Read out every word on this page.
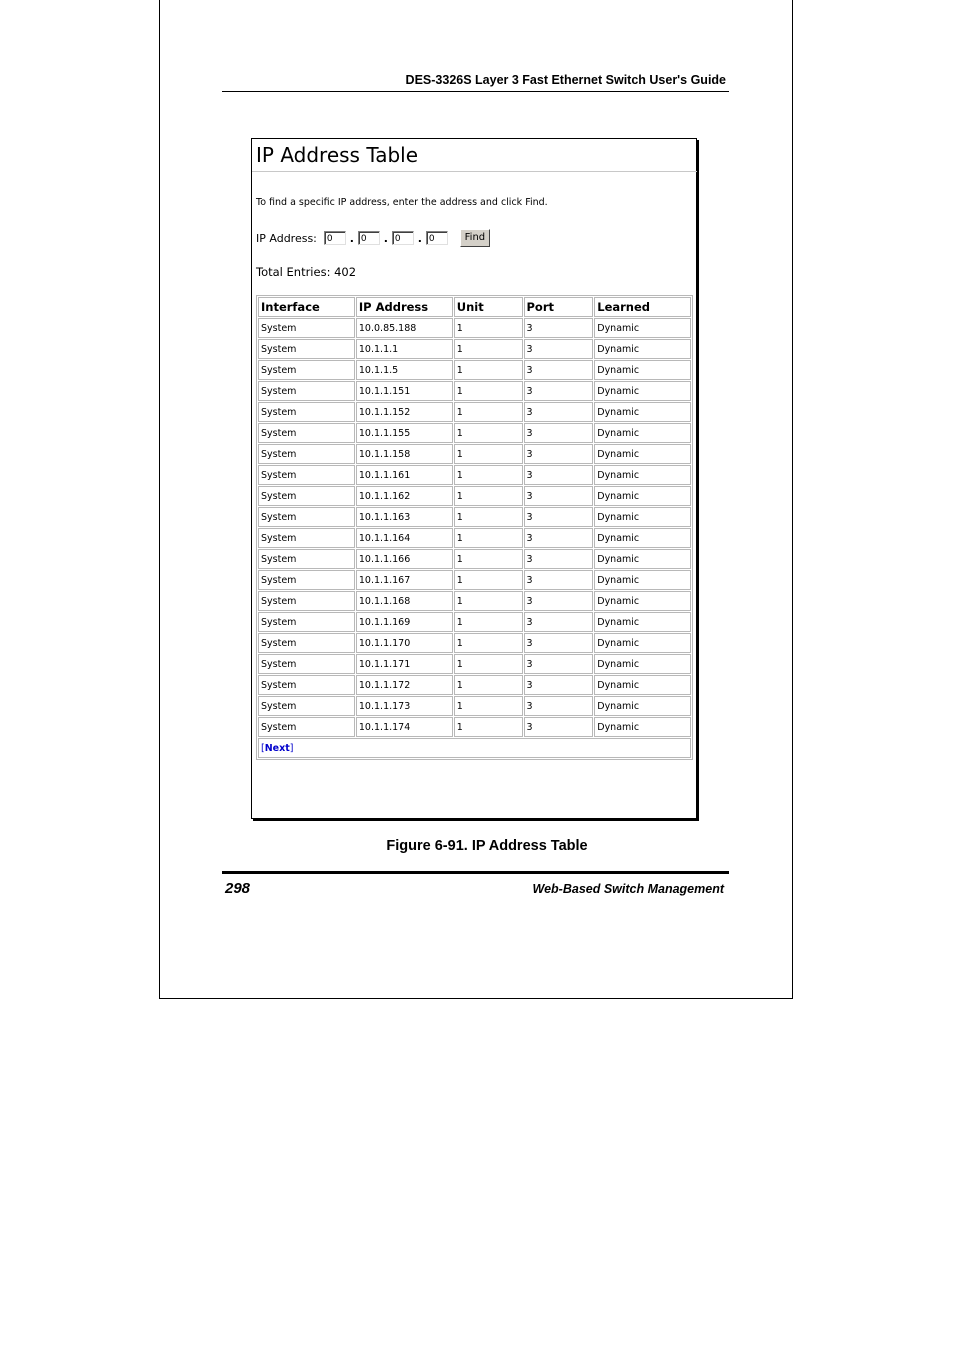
DES-3326S Layer 3 Fast Ethernet Switch User's Guide
IP Address Table
To find a specific IP address, enter the address and click Find.
IP Address:	0	. 0	. 0	. 0	Find
Total Entries: 402
Interface	IP Address	Unit	Port	Learned
System	10.0.85.188	1	3	Dynamic
System	10.1.1.1	1	3	Dynamic
System	10.1.1.5	1	3	Dynamic
System	10.1.1.151	1	3	Dynamic
System	10.1.1.152	1	3	Dynamic
System	10.1.1.155	1	3	Dynamic
System	10.1.1.158	1	3	Dynamic
System	10.1.1.161	1	3	Dynamic
System	10.1.1.162	1	3	Dynamic
System	10.1.1.163	1	3	Dynamic
System	10.1.1.164	1	3	Dynamic
System	10.1.1.166	1	3	Dynamic
System	10.1.1.167	1	3	Dynamic
System	10.1.1.168	1	3	Dynamic
System	10.1.1.169	1	3	Dynamic
System	10.1.1.170	1	3	Dynamic
System	10.1.1.171	1	3	Dynamic
System	10.1.1.172	1	3	Dynamic
System	10.1.1.173	1	3	Dynamic
System	10.1.1.174	1	3	Dynamic
[Next]				
Figure 6-91. IP Address Table
298	Web-Based Switch Management
